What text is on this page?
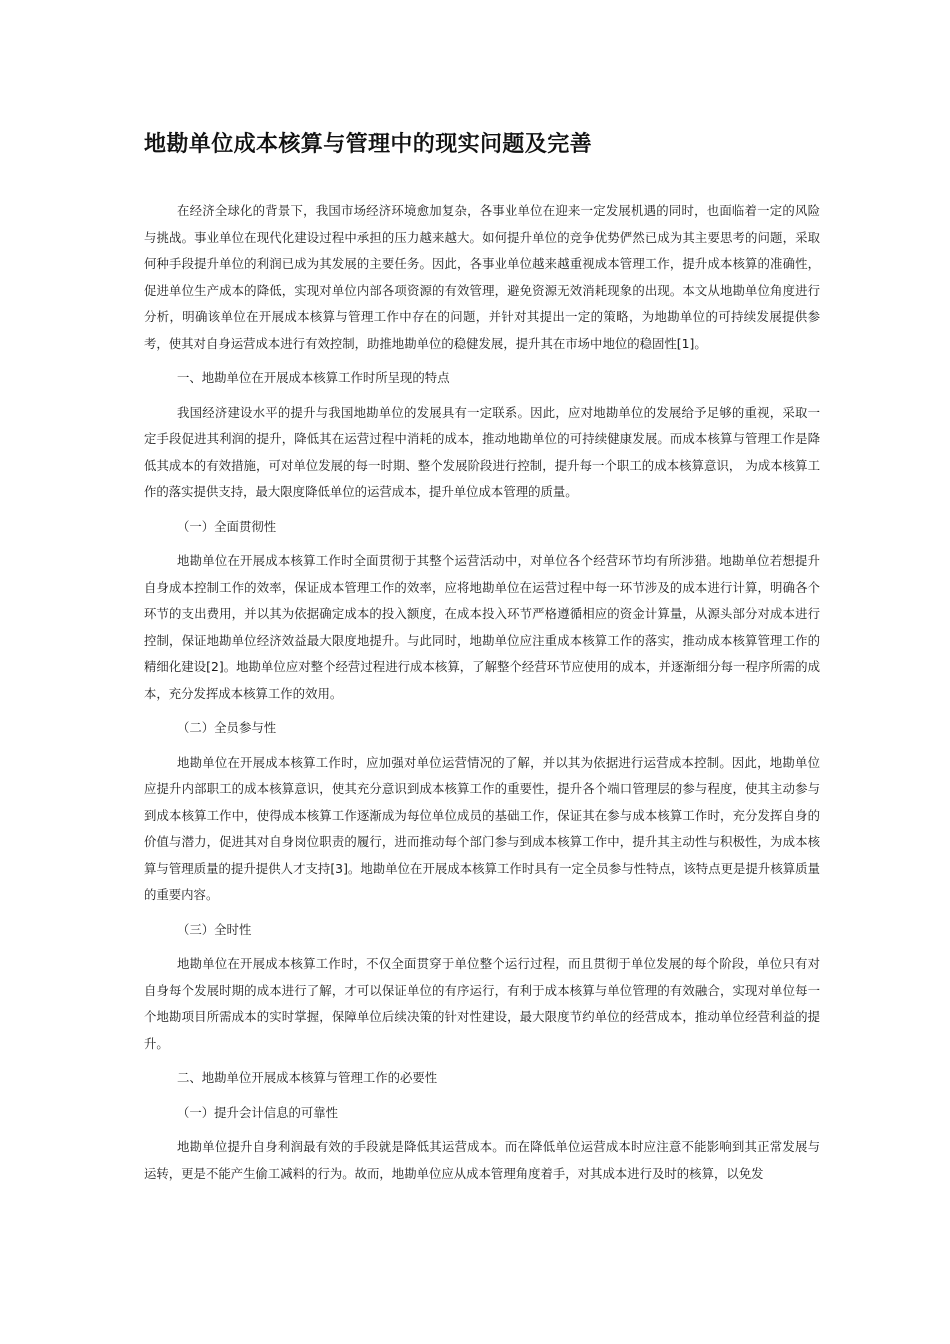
地勘单位成本核算与管理中的现实问题及完善

在经济全球化的背景下，我国市场经济环境愈加复杂，各事业单位在迎来一定发展机遇的同时，也面临着一定的风险与挑战。事业单位在现代化建设过程中承担的压力越来越大。如何提升单位的竞争优势俨然已成为其主要思考的问题，采取何种手段提升单位的利润已成为其发展的主要任务。因此，各事业单位越来越重视成本管理工作，提升成本核算的准确性，促进单位生产成本的降低，实现对单位内部各项资源的有效管理，避免资源无效消耗现象的出现。本文从地勘单位角度进行分析，明确该单位在开展成本核算与管理工作中存在的问题，并针对其提出一定的策略，为地勘单位的可持续发展提供参考，使其对自身运营成本进行有效控制，助推地勘单位的稳健发展，提升其在市场中地位的稳固性[1]。

一、地勘单位在开展成本核算工作时所呈现的特点

我国经济建设水平的提升与我国地勘单位的发展具有一定联系。因此，应对地勘单位的发展给予足够的重视，采取一定手段促进其利润的提升，降低其在运营过程中消耗的成本，推动地勘单位的可持续健康发展。而成本核算与管理工作是降低其成本的有效措施，可对单位发展的每一时期、整个发展阶段进行控制，提升每一个职工的成本核算意识， 为成本核算工作的落实提供支持，最大限度降低单位的运营成本，提升单位成本管理的质量。

（一）全面贯彻性

地勘单位在开展成本核算工作时全面贯彻于其整个运营活动中，对单位各个经营环节均有所涉猎。地勘单位若想提升自身成本控制工作的效率，保证成本管理工作的效率，应将地勘单位在运营过程中每一环节涉及的成本进行计算，明确各个环节的支出费用，并以其为依据确定成本的投入额度，在成本投入环节严格遵循相应的资金计算量，从源头部分对成本进行控制，保证地勘单位经济效益最大限度地提升。与此同时，地勘单位应注重成本核算工作的落实，推动成本核算管理工作的精细化建设[2]。地勘单位应对整个经营过程进行成本核算，了解整个经营环节应使用的成本，并逐渐细分每一程序所需的成本，充分发挥成本核算工作的效用。

（二）全员参与性

地勘单位在开展成本核算工作时，应加强对单位运营情况的了解，并以其为依据进行运营成本控制。因此，地勘单位应提升内部职工的成本核算意识，使其充分意识到成本核算工作的重要性，提升各个端口管理层的参与程度，使其主动参与到成本核算工作中，使得成本核算工作逐渐成为每位单位成员的基础工作，保证其在参与成本核算工作时，充分发挥自身的价值与潜力，促进其对自身岗位职责的履行，进而推动每个部门参与到成本核算工作中，提升其主动性与积极性，为成本核算与管理质量的提升提供人才支持[3]。地勘单位在开展成本核算工作时具有一定全员参与性特点，该特点更是提升核算质量的重要内容。

（三）全时性

地勘单位在开展成本核算工作时，不仅全面贯穿于单位整个运行过程，而且贯彻于单位发展的每个阶段，单位只有对自身每个发展时期的成本进行了解，才可以保证单位的有序运行，有利于成本核算与单位管理的有效融合，实现对单位每一个地勘项目所需成本的实时掌握，保障单位后续决策的针对性建设，最大限度节约单位的经营成本，推动单位经营利益的提升。

二、地勘单位开展成本核算与管理工作的必要性

（一）提升会计信息的可靠性

地勘单位提升自身利润最有效的手段就是降低其运营成本。而在降低单位运营成本时应注意不能影响到其正常发展与运转，更是不能产生偷工减料的行为。故而，地勘单位应从成本管理角度着手，对其成本进行及时的核算，以免发
